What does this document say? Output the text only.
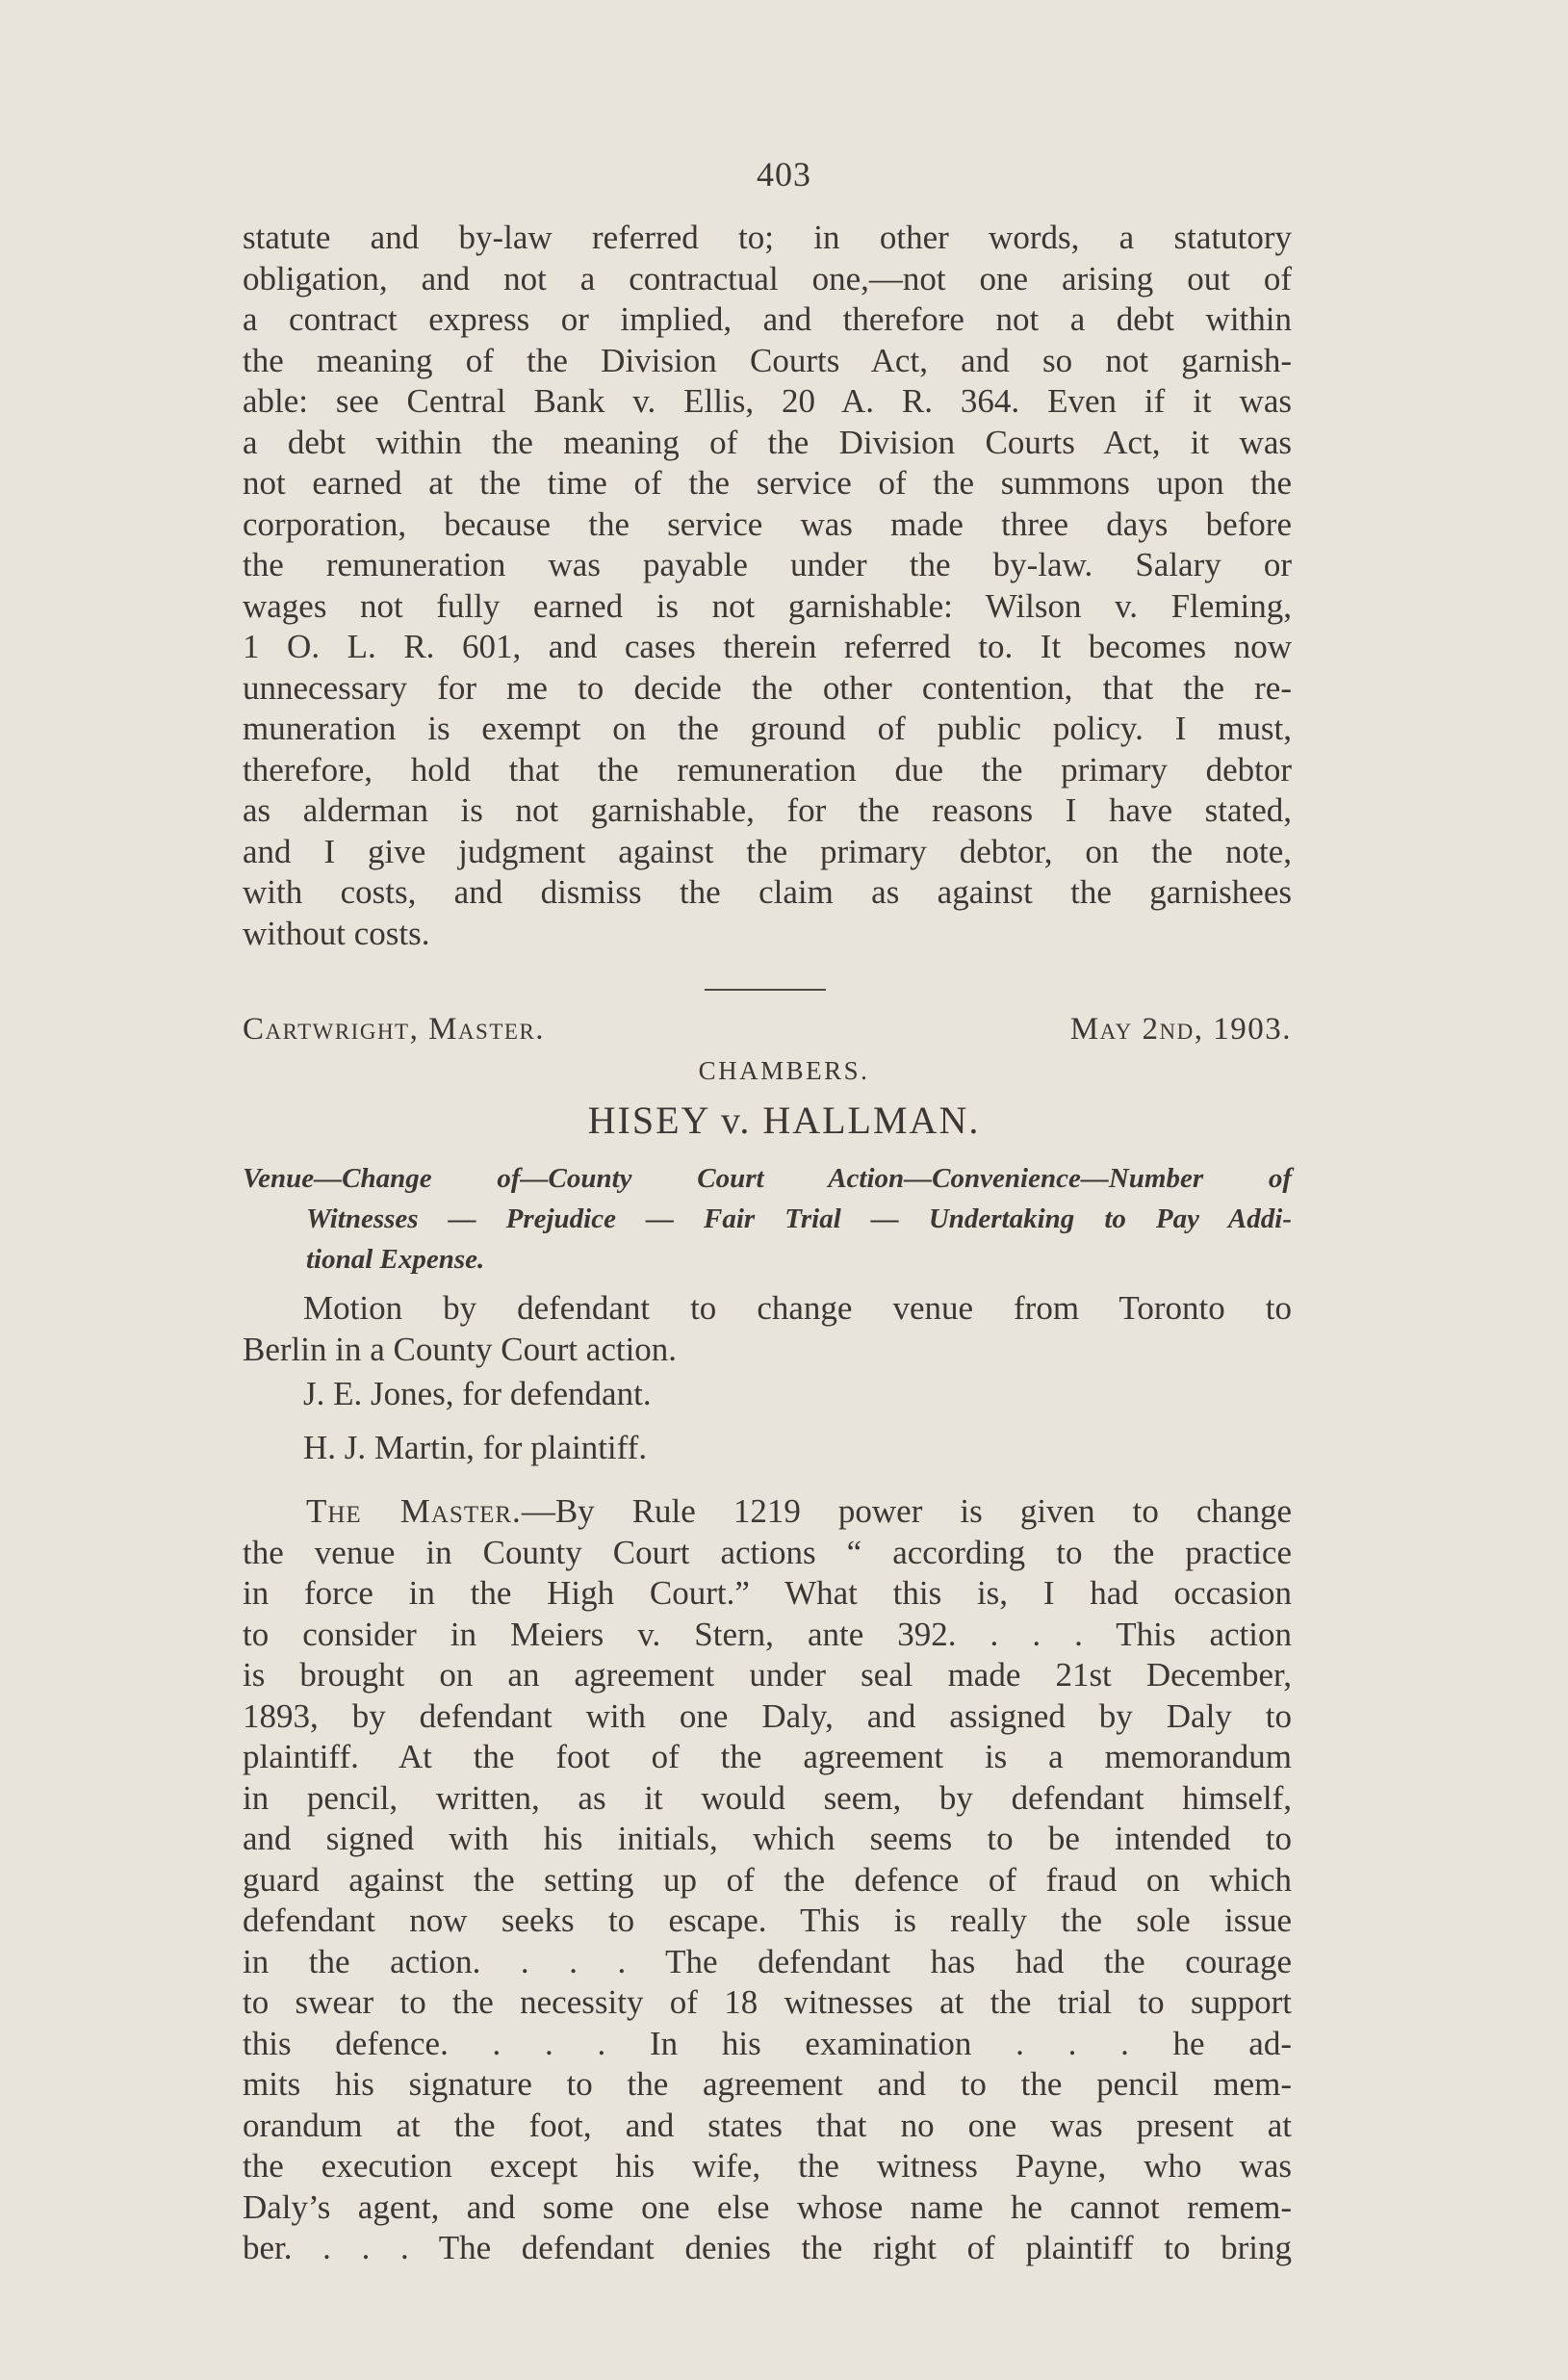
403
statute and by-law referred to; in other words, a statutory
obligation, and not a contractual one,—not one arising out of
a contract express or implied, and therefore not a debt within
the meaning of the Division Courts Act, and so not garnish-
able: see Central Bank v. Ellis, 20 A. R. 364. Even if it was
a debt within the meaning of the Division Courts Act, it was
not earned at the time of the service of the summons upon the
corporation, because the service was made three days before
the remuneration was payable under the by-law. Salary or
wages not fully earned is not garnishable: Wilson v. Fleming,
1 O. L. R. 601, and cases therein referred to. It becomes now
unnecessary for me to decide the other contention, that the re-
muneration is exempt on the ground of public policy. I must,
therefore, hold that the remuneration due the primary debtor
as alderman is not garnishable, for the reasons I have stated,
and I give judgment against the primary debtor, on the note,
with costs, and dismiss the claim as against the garnishees
without costs.
Cartwright, Master.	May 2nd, 1903.
CHAMBERS.
HISEY v. HALLMAN.
Venue—Change of—County Court Action—Convenience—Number of
Witnesses — Prejudice — Fair Trial — Undertaking to Pay Addi-
tional Expense.
Motion by defendant to change venue from Toronto to
Berlin in a County Court action.
J. E. Jones, for defendant.
H. J. Martin, for plaintiff.
The Master.—By Rule 1219 power is given to change
the venue in County Court actions “ according to the practice
in force in the High Court.” What this is, I had occasion
to consider in Meiers v. Stern, ante 392. . . . This action
is brought on an agreement under seal made 21st December,
1893, by defendant with one Daly, and assigned by Daly to
plaintiff. At the foot of the agreement is a memorandum
in pencil, written, as it would seem, by defendant himself,
and signed with his initials, which seems to be intended to
guard against the setting up of the defence of fraud on which
defendant now seeks to escape. This is really the sole issue
in the action. . . . The defendant has had the courage
to swear to the necessity of 18 witnesses at the trial to support
this defence. . . . In his examination . . . he ad-
mits his signature to the agreement and to the pencil mem-
orandum at the foot, and states that no one was present at
the execution except his wife, the witness Payne, who was
Daly’s agent, and some one else whose name he cannot remem-
ber. . . . The defendant denies the right of plaintiff to bring
